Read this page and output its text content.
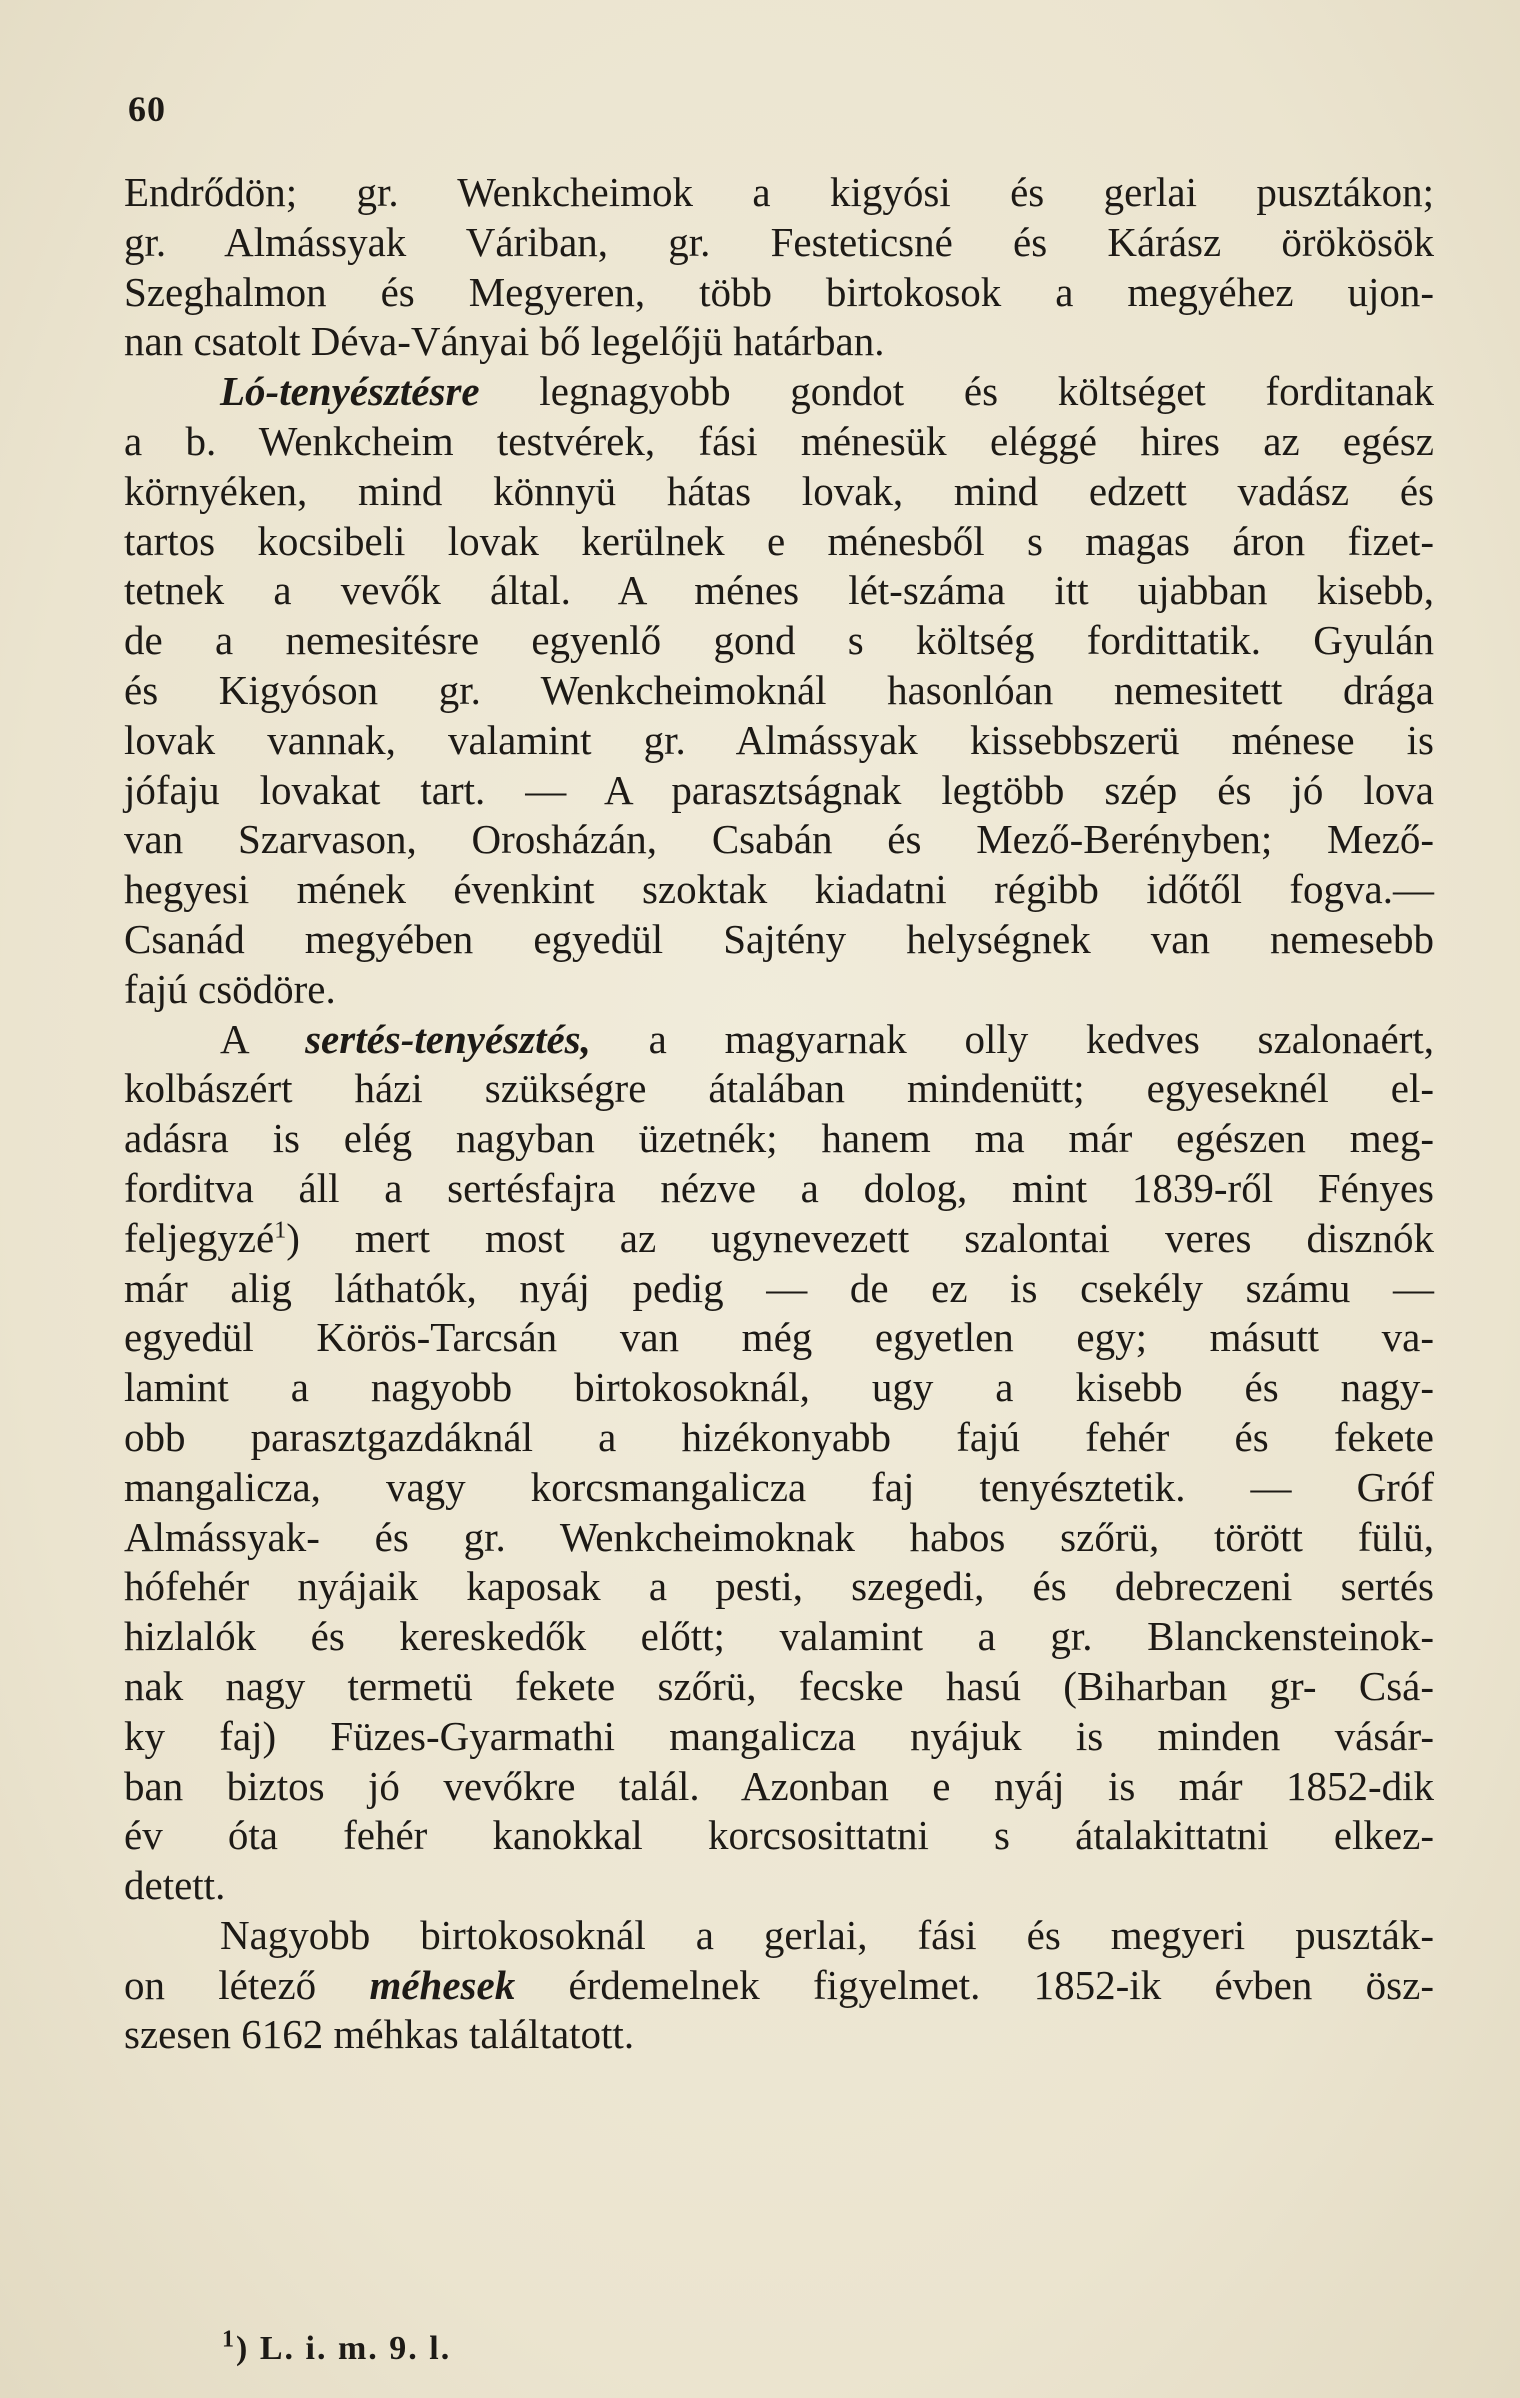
60
Endrődön; gr. Wenkcheimok a kigyósi és gerlai pusztákon;
gr. Almássyak Váriban, gr. Festeticsné és Kárász örökösök
Szeghalmon és Megyeren, több birtokosok a megyéhez ujon-
nan csatolt Déva-Ványai bő legelőjü határban.
Ló-tenyésztésre legnagyobb gondot és költséget forditanak
a b. Wenkcheim testvérek, fási ménesük eléggé hires az egész
környéken, mind könnyü hátas lovak, mind edzett vadász és
tartos kocsibeli lovak kerülnek e ménesből s magas áron fizet-
tetnek a vevők által. A ménes lét-száma itt ujabban kisebb,
de a nemesitésre egyenlő gond s költség fordittatik. Gyulán
és Kigyóson gr. Wenkcheimoknál hasonlóan nemesitett drága
lovak vannak, valamint gr. Almássyak kissebbszerü ménese is
jófaju lovakat tart. — A parasztságnak legtöbb szép és jó lova
van Szarvason, Orosházán, Csabán és Mező-Berényben; Mező-
hegyesi mének évenkint szoktak kiadatni régibb időtől fogva.—
Csanád megyében egyedül Sajtény helységnek van nemesebb
fajú csödöre.
A sertés-tenyésztés, a magyarnak olly kedves szalonaért,
kolbászért házi szükségre átalában mindenütt; egyeseknél el-
adásra is elég nagyban üzetnék; hanem ma már egészen meg-
forditva áll a sertésfajra nézve a dolog, mint 1839-ről Fényes
feljegyzé$^1$) mert most az ugynevezett szalontai veres disznók
már alig láthatók, nyáj pedig — de ez is csekély számu —
egyedül Körös-Tarcsán van még egyetlen egy; másutt va-
lamint a nagyobb birtokosoknál, ugy a kisebb és nagy-
obb parasztgazdáknál a hizékonyabb fajú fehér és fekete
mangalicza, vagy korcsmangalicza faj tenyésztetik. — Gróf
Almássyak- és gr. Wenkcheimoknak habos szőrü, törött fülü,
hófehér nyájaik kaposak a pesti, szegedi, és debreczeni sertés
hizlalók és kereskedők előtt; valamint a gr. Blanckensteinok-
nak nagy termetü fekete szőrü, fecske hasú (Biharban gr- Csá-
ky faj) Füzes-Gyarmathi mangalicza nyájuk is minden vásár-
ban biztos jó vevőkre talál. Azonban e nyáj is már 1852-dik
év óta fehér kanokkal korcsosittatni s átalakittatni elkez-
detett.
Nagyobb birtokosoknál a gerlai, fási és megyeri puszták-
on létező méhesek érdemelnek figyelmet. 1852-ik évben ösz-
szesen 6162 méhkas találtatott.
$^1$) L. i. m. 9. l.
